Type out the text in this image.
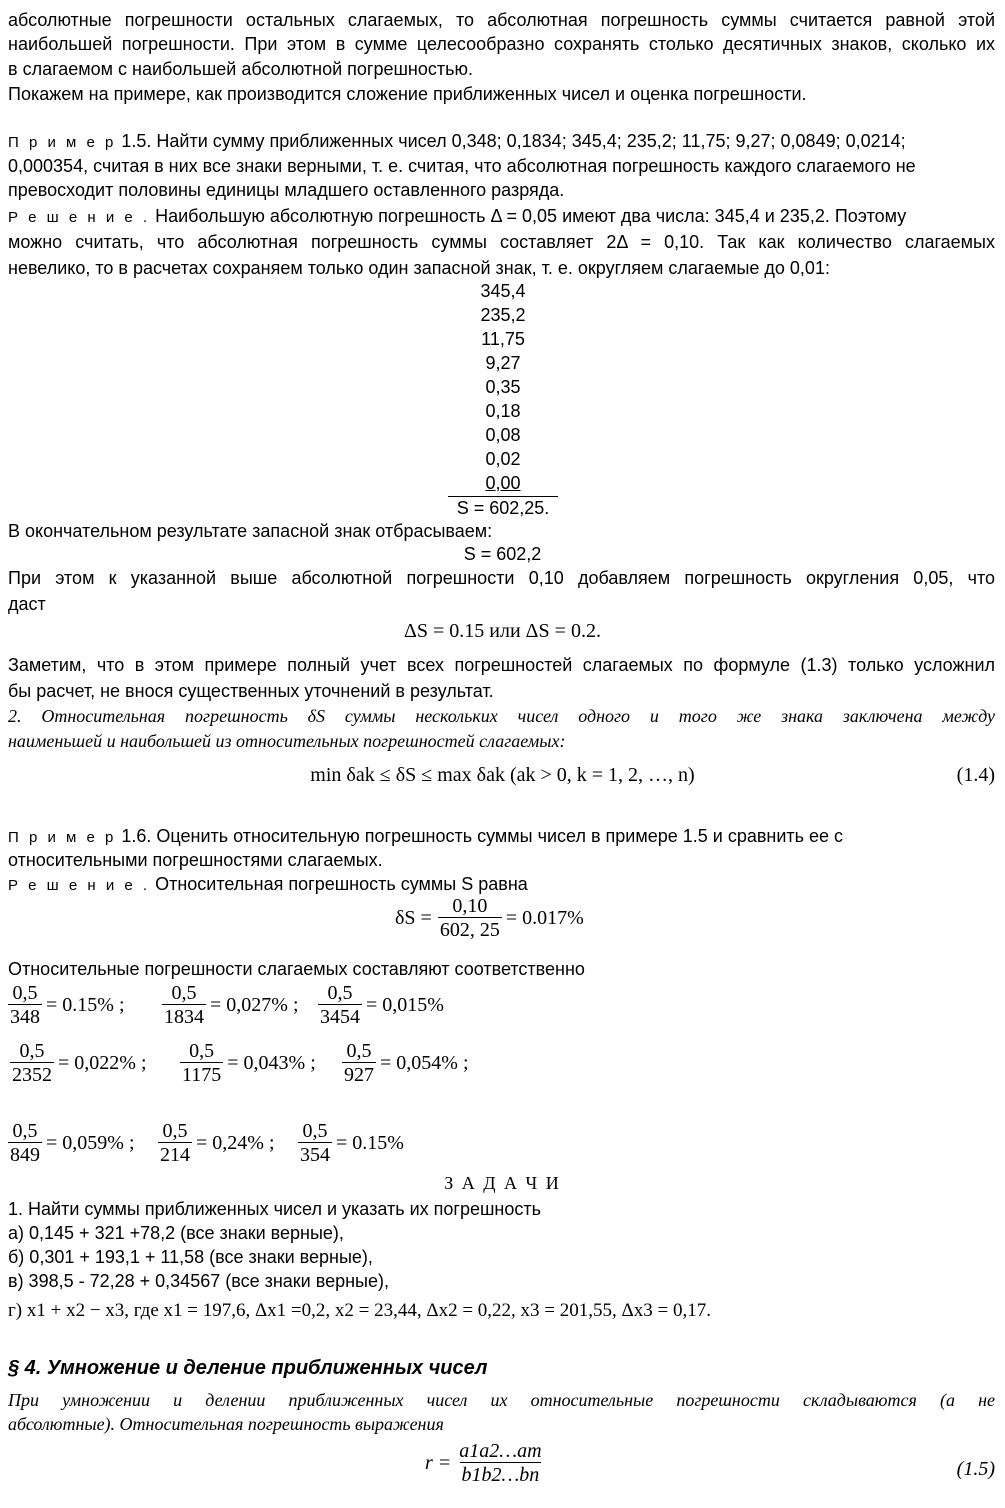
абсолютные погрешности остальных слагаемых, то абсолютная погрешность суммы считается равной этой
наибольшей погрешности. При этом в сумме целесообразно сохранять столько десятичных знаков, сколько их
в слагаемом с наибольшей абсолютной погрешностью.
Покажем на примере, как производится сложение приближенных чисел и оценка погрешности.
П р и м е р 1.5. Найти сумму приближенных чисел 0,348; 0,1834; 345,4; 235,2; 11,75; 9,27; 0,0849; 0,0214;
0,000354, считая в них все знаки верными, т. е. считая, что абсолютная погрешность каждого слагаемого не
превосходит половины единицы младшего оставленного разряда.
Р е ш е н и е . Наибольшую абсолютную погрешность Δ = 0,05 имеют два числа: 345,4 и 235,2. Поэтому
можно считать, что абсолютная погрешность суммы составляет 2Δ = 0,10. Так как количество слагаемых
невелико, то в расчетах сохраняем только один запасной знак, т. е. округляем слагаемые до 0,01:
345,4
235,2
11,75
9,27
0,35
0,18
0,08
0,02
0,00
S = 602,25.
В окончательном результате запасной знак отбрасываем:
S = 602,2
При этом к указанной выше абсолютной погрешности 0,10 добавляем погрешность округления 0,05, что
даст
ΔS = 0.15 или ΔS = 0.2.
Заметим, что в этом примере полный учет всех погрешностей слагаемых по формуле (1.3) только усложнил
бы расчет, не внося существенных уточнений в результат.
2. Относительная погрешность δS суммы нескольких чисел одного и того же знака заключена между
наименьшей и наибольшей из относительных погрешностей слагаемых:
min δak ≤ δS ≤ max δak (ak > 0, k = 1, 2, …, n)	(1.4)
П р и м е р 1.6. Оценить относительную погрешность суммы чисел в примере 1.5 и сравнить ее с
относительными погрешностями слагаемых.
Р е ш е н и е . Относительная погрешность суммы S равна
$\delta S = \frac{0,10}{602, 25} = 0.017\%$
Относительные погрешности слагаемых составляют соответственно
$\frac{0,5}{348} = 0.15\%$ ; $\frac{0,5}{1834} = 0,027\%$ ; $\frac{0,5}{3454} = 0,015\%$
$\frac{0,5}{2352} = 0,022\%$ ; $\frac{0,5}{1175} = 0,043\%$ ; $\frac{0,5}{927} = 0,054\%$ ;
$\frac{0,5}{849} = 0,059\%$ ; $\frac{0,5}{214} = 0,24\%$ ; $\frac{0,5}{354} = 0.15\%$
З А Д А Ч И
1. Найти суммы приближенных чисел и указать их погрешность
а) 0,145 + 321 +78,2 (все знаки верные),
б) 0,301 + 193,1 + 11,58 (все знаки верные),
в) 398,5 - 72,28 + 0,34567 (все знаки верные),
г) x1 + x2 − x3, где x1 = 197,6, Δx1 =0,2, x2 = 23,44, Δx2 = 0,22, x3 = 201,55, Δx3 = 0,17.
§ 4. Умножение и деление приближенных чисел
При умножении и делении приближенных чисел их относительные погрешности складываются (а не
абсолютные). Относительная погрешность выражения
$r = \frac{a1a2\dots am}{b1b2\dots bn}$	(1.5)
